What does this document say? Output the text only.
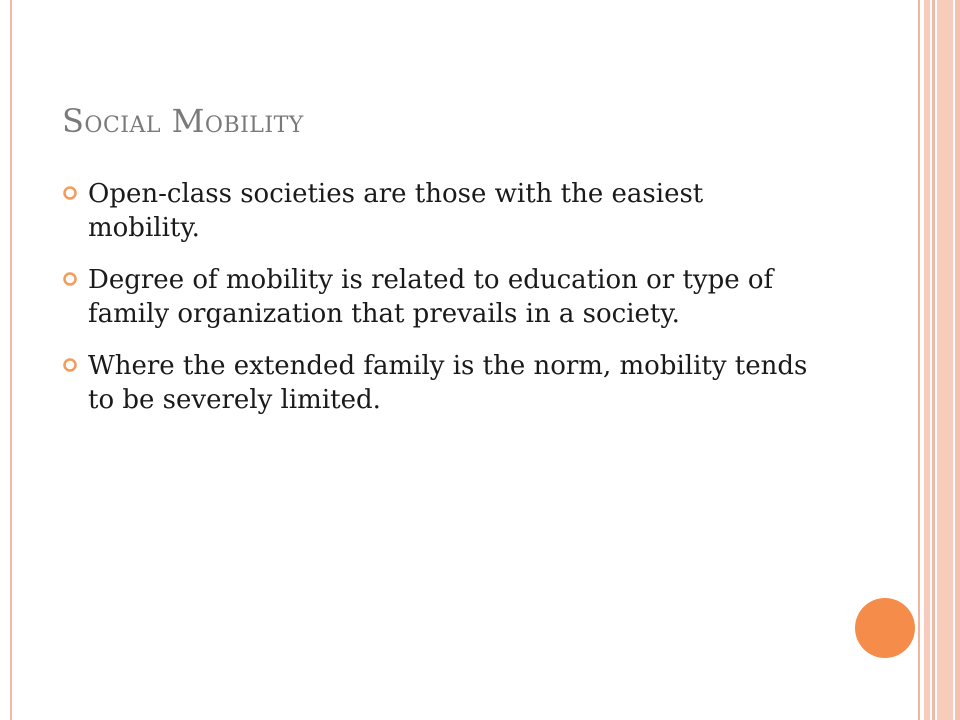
Social Mobility
Open-class societies are those with the easiest mobility.
Degree of mobility is related to education or type of family organization that prevails in a society.
Where the extended family is the norm, mobility tends to be severely limited.
